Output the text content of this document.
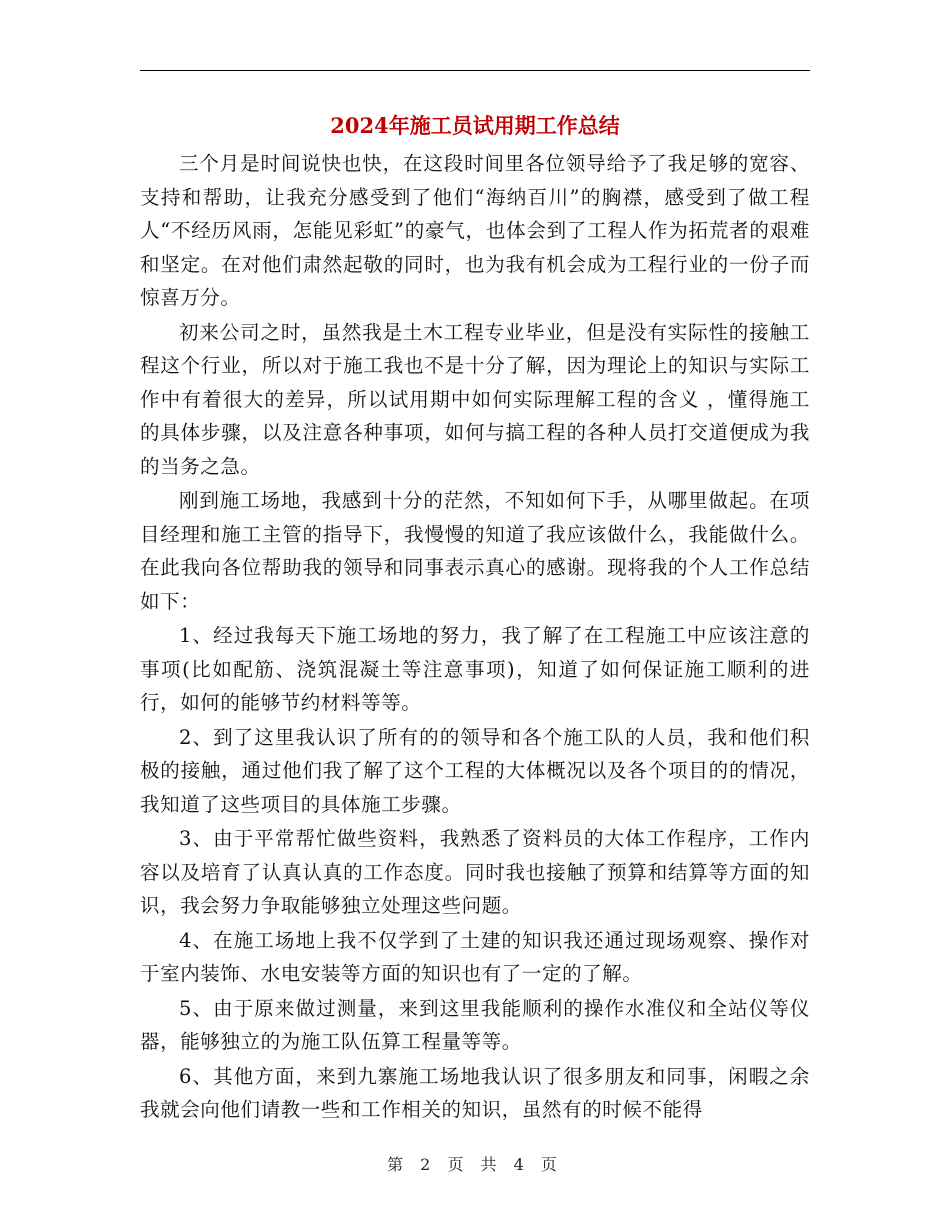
2024年施工员试用期工作总结

三个月是时间说快也快，在这段时间里各位领导给予了我足够的宽容、支持和帮助，让我充分感受到了他们“海纳百川”的胸襟，感受到了做工程人“不经历风雨，怎能见彩虹”的豪气，也体会到了工程人作为拓荒者的艰难和坚定。在对他们肃然起敬的同时，也为我有机会成为工程行业的一份子而惊喜万分。

初来公司之时，虽然我是土木工程专业毕业，但是没有实际性的接触工程这个行业，所以对于施工我也不是十分了解，因为理论上的知识与实际工作中有着很大的差异，所以试用期中如何实际理解工程的含义 ，懂得施工的具体步骤，以及注意各种事项，如何与搞工程的各种人员打交道便成为我的当务之急。

刚到施工场地，我感到十分的茫然，不知如何下手，从哪里做起。在项目经理和施工主管的指导下，我慢慢的知道了我应该做什么，我能做什么。在此我向各位帮助我的领导和同事表示真心的感谢。现将我的个人工作总结如下：

1、经过我每天下施工场地的努力，我了解了在工程施工中应该注意的事项(比如配筋、浇筑混凝土等注意事项)，知道了如何保证施工顺利的进行，如何的能够节约材料等等。

2、到了这里我认识了所有的的领导和各个施工队的人员，我和他们积极的接触，通过他们我了解了这个工程的大体概况以及各个项目的的情况，我知道了这些项目的具体施工步骤。

3、由于平常帮忙做些资料，我熟悉了资料员的大体工作程序，工作内容以及培育了认真认真的工作态度。同时我也接触了预算和结算等方面的知识，我会努力争取能够独立处理这些问题。

4、在施工场地上我不仅学到了土建的知识我还通过现场观察、操作对于室内装饰、水电安装等方面的知识也有了一定的了解。

5、由于原来做过测量，来到这里我能顺利的操作水准仪和全站仪等仪器，能够独立的为施工队伍算工程量等等。

6、其他方面，来到九寨施工场地我认识了很多朋友和同事，闲暇之余我就会向他们请教一些和工作相关的知识，虽然有的时候不能得

第 2 页 共 4 页
